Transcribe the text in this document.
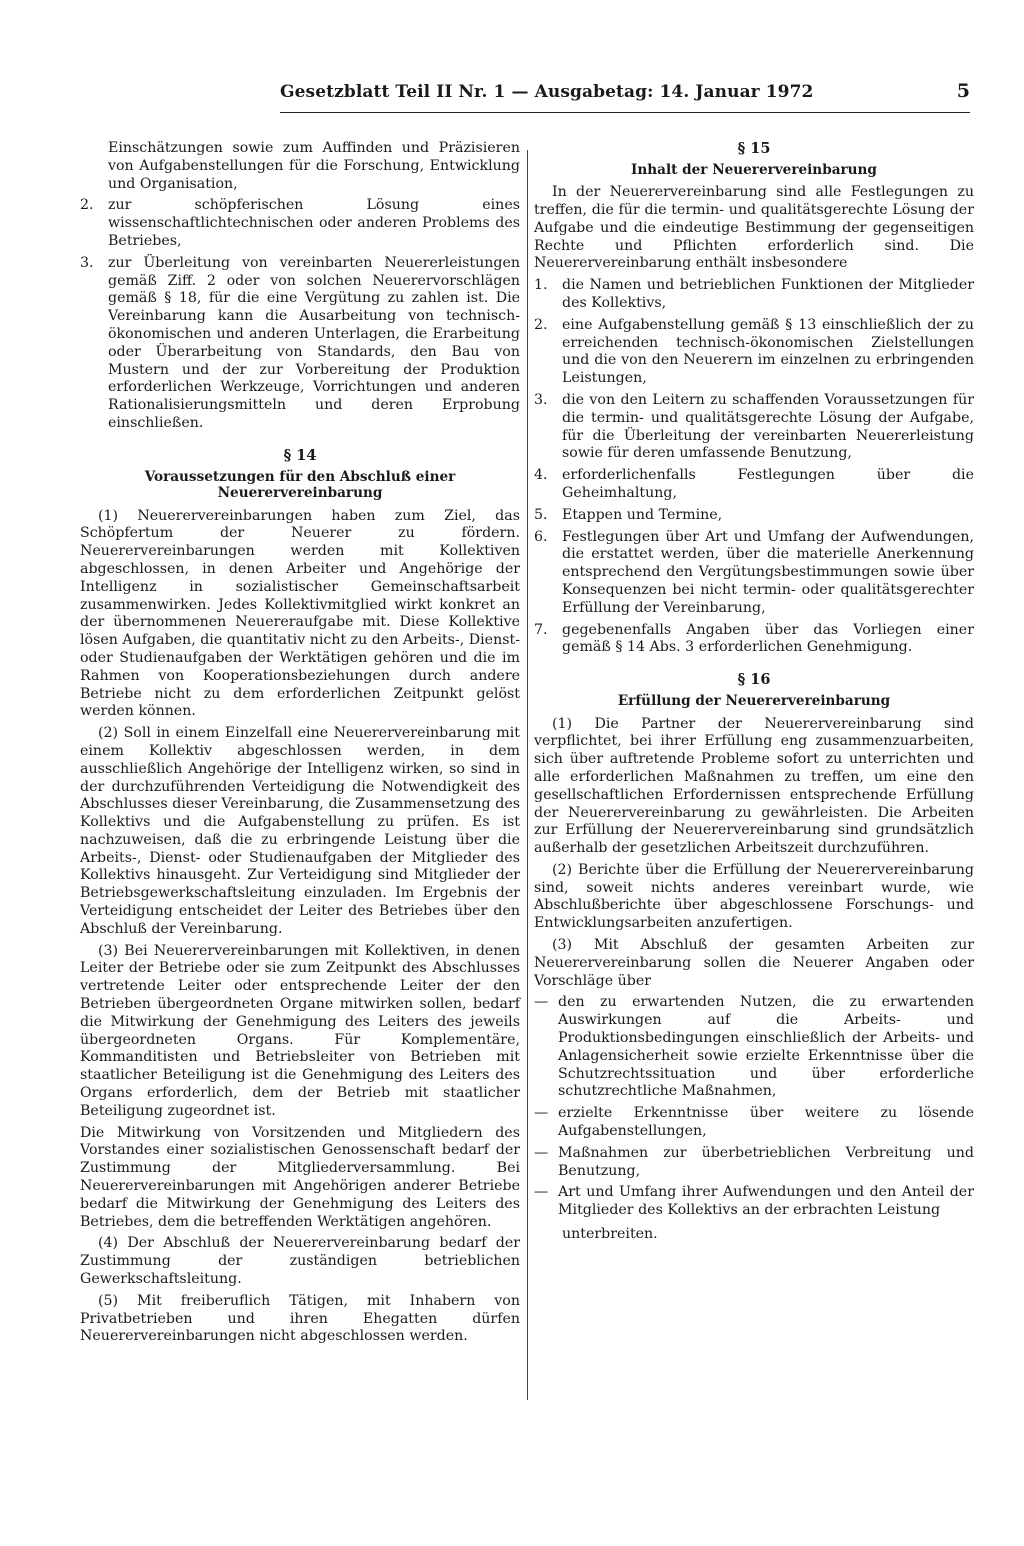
Gesetzblatt Teil II Nr. 1 — Ausgabetag: 14. Januar 1972	5

Einschätzungen sowie zum Auffinden und Präzisieren von Aufgabenstellungen für die Forschung, Entwicklung und Organisation,

2.	zur schöpferischen Lösung eines wissenschaftlichtechnischen oder anderen Problems des Betriebes,
3.	zur Überleitung von vereinbarten Neuererleistungen gemäß Ziff. 2 oder von solchen Neuerervorschlägen gemäß § 18, für die eine Vergütung zu zahlen ist. Die Vereinbarung kann die Ausarbeitung von technisch-ökonomischen und anderen Unterlagen, die Erarbeitung oder Überarbeitung von Standards, den Bau von Mustern und der zur Vorbereitung der Produktion erforderlichen Werkzeuge, Vorrichtungen und anderen Rationalisierungsmitteln und deren Erprobung einschließen.
§ 14
Voraussetzungen für den Abschluß einer Neuerervereinbarung

(1) Neuerervereinbarungen haben zum Ziel, das Schöpfertum der Neuerer zu fördern. Neuerervereinbarungen werden mit Kollektiven abgeschlossen, in denen Arbeiter und Angehörige der Intelligenz in sozialistischer Gemeinschaftsarbeit zusammenwirken. Jedes Kollektivmitglied wirkt konkret an der übernommenen Neuereraufgabe mit. Diese Kollektive lösen Aufgaben, die quantitativ nicht zu den Arbeits-, Dienst- oder Studienaufgaben der Werktätigen gehören und die im Rahmen von Kooperationsbeziehungen durch andere Betriebe nicht zu dem erforderlichen Zeitpunkt gelöst werden können.

(2) Soll in einem Einzelfall eine Neuerervereinbarung mit einem Kollektiv abgeschlossen werden, in dem ausschließlich Angehörige der Intelligenz wirken, so sind in der durchzuführenden Verteidigung die Notwendigkeit des Abschlusses dieser Vereinbarung, die Zusammensetzung des Kollektivs und die Aufgabenstellung zu prüfen. Es ist nachzuweisen, daß die zu erbringende Leistung über die Arbeits-, Dienst- oder Studienaufgaben der Mitglieder des Kollektivs hinausgeht. Zur Verteidigung sind Mitglieder der Betriebsgewerkschaftsleitung einzuladen. Im Ergebnis der Verteidigung entscheidet der Leiter des Betriebes über den Abschluß der Vereinbarung.

(3) Bei Neuerervereinbarungen mit Kollektiven, in denen Leiter der Betriebe oder sie zum Zeitpunkt des Abschlusses vertretende Leiter oder entsprechende Leiter der den Betrieben übergeordneten Organe mitwirken sollen, bedarf die Mitwirkung der Genehmigung des Leiters des jeweils übergeordneten Organs. Für Komplementäre, Kommanditisten und Betriebsleiter von Betrieben mit staatlicher Beteiligung ist die Genehmigung des Leiters des Organs erforderlich, dem der Betrieb mit staatlicher Beteiligung zugeordnet ist.

Die Mitwirkung von Vorsitzenden und Mitgliedern des Vorstandes einer sozialistischen Genossenschaft bedarf der Zustimmung der Mitgliederversammlung. Bei Neuerervereinbarungen mit Angehörigen anderer Betriebe bedarf die Mitwirkung der Genehmigung des Leiters des Betriebes, dem die betreffenden Werktätigen angehören.

(4) Der Abschluß der Neuerervereinbarung bedarf der Zustimmung der zuständigen betrieblichen Gewerkschaftsleitung.

(5) Mit freiberuflich Tätigen, mit Inhabern von Privatbetrieben und ihren Ehegatten dürfen Neuerervereinbarungen nicht abgeschlossen werden.

§ 15
Inhalt der Neuerervereinbarung

In der Neuerervereinbarung sind alle Festlegungen zu treffen, die für die termin- und qualitätsgerechte Lösung der Aufgabe und die eindeutige Bestimmung der gegenseitigen Rechte und Pflichten erforderlich sind. Die Neuerervereinbarung enthält insbesondere

1.	die Namen und betrieblichen Funktionen der Mitglieder des Kollektivs,
2.	eine Aufgabenstellung gemäß § 13 einschließlich der zu erreichenden technisch-ökonomischen Zielstellungen und die von den Neuerern im einzelnen zu erbringenden Leistungen,
3.	die von den Leitern zu schaffenden Voraussetzungen für die termin- und qualitätsgerechte Lösung der Aufgabe, für die Überleitung der vereinbarten Neuererleistung sowie für deren umfassende Benutzung,
4.	erforderlichenfalls Festlegungen über die Geheimhaltung,
5.	Etappen und Termine,
6.	Festlegungen über Art und Umfang der Aufwendungen, die erstattet werden, über die materielle Anerkennung entsprechend den Vergütungsbestimmungen sowie über Konsequenzen bei nicht termin- oder qualitätsgerechter Erfüllung der Vereinbarung,
7.	gegebenenfalls Angaben über das Vorliegen einer gemäß § 14 Abs. 3 erforderlichen Genehmigung.
§ 16
Erfüllung der Neuerervereinbarung

(1) Die Partner der Neuerervereinbarung sind verpflichtet, bei ihrer Erfüllung eng zusammenzuarbeiten, sich über auftretende Probleme sofort zu unterrichten und alle erforderlichen Maßnahmen zu treffen, um eine den gesellschaftlichen Erfordernissen entsprechende Erfüllung der Neuerervereinbarung zu gewährleisten. Die Arbeiten zur Erfüllung der Neuerervereinbarung sind grundsätzlich außerhalb der gesetzlichen Arbeitszeit durchzuführen.

(2) Berichte über die Erfüllung der Neuerervereinbarung sind, soweit nichts anderes vereinbart wurde, wie Abschlußberichte über abgeschlossene Forschungs- und Entwicklungsarbeiten anzufertigen.

(3) Mit Abschluß der gesamten Arbeiten zur Neuerervereinbarung sollen die Neuerer Angaben oder Vorschläge über

— den zu erwartenden Nutzen, die zu erwartenden Auswirkungen auf die Arbeits- und Produktionsbedingungen einschließlich der Arbeits- und Anlagensicherheit sowie erzielte Erkenntnisse über die Schutzrechtssituation und über erforderliche schutzrechtliche Maßnahmen,
— erzielte Erkenntnisse über weitere zu lösende Aufgabenstellungen,
— Maßnahmen zur überbetrieblichen Verbreitung und Benutzung,
— Art und Umfang ihrer Aufwendungen und den Anteil der Mitglieder des Kollektivs an der erbrachten Leistung

unterbreiten.
